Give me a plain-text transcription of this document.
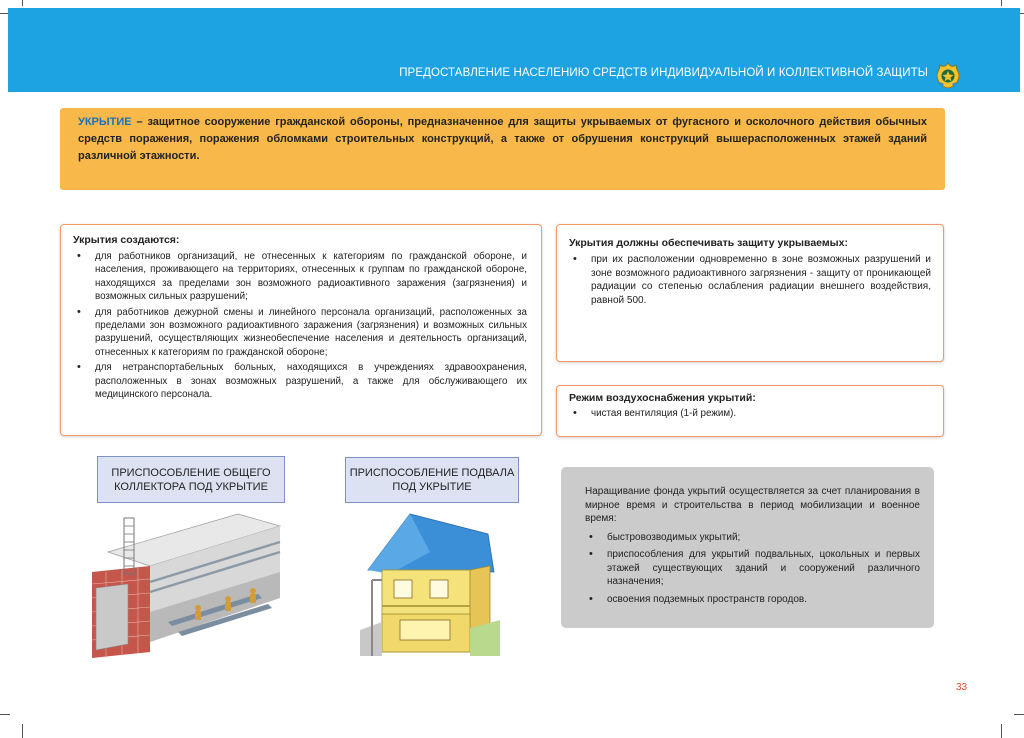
ПРЕДОСТАВЛЕНИЕ НАСЕЛЕНИЮ СРЕДСТВ ИНДИВИДУАЛЬНОЙ И КОЛЛЕКТИВНОЙ ЗАЩИТЫ
УКРЫТИЕ – защитное сооружение гражданской обороны, предназначенное для защиты укрываемых от фугасного и осколочного действия обычных средств поражения, поражения обломками строительных конструкций, а также от обрушения конструкций вышерасположенных этажей зданий различной этажности.
Укрытия создаются:
• для работников организаций, не отнесенных к категориям по гражданской обороне, и населения, проживающего на территориях, отнесенных к группам по гражданской обороне, находящихся за пределами зон возможного радиоактивного заражения (загрязнения) и возможных сильных разрушений;
• для работников дежурной смены и линейного персонала организаций, расположенных за пределами зон возможного радиоактивного заражения (загрязнения) и возможных сильных разрушений, осуществляющих жизнеобеспечение населения и деятельность организаций, отнесенных к категориям по гражданской обороне;
• для нетранспортабельных больных, находящихся в учреждениях здравоохранения, расположенных в зонах возможных разрушений, а также для обслуживающего их медицинского персонала.
Укрытия должны обеспечивать защиту укрываемых:
• при их расположении одновременно в зоне возможных разрушений и зоне возможного радиоактивного загрязнения - защиту от проникающей радиации со степенью ослабления радиации внешнего воздействия, равной 500.
Режим воздухоснабжения укрытий:
• чистая вентиляция (1-й режим).
ПРИСПОСОБЛЕНИЕ ОБЩЕГО КОЛЛЕКТОРА ПОД УКРЫТИЕ
ПРИСПОСОБЛЕНИЕ ПОДВАЛА ПОД УКРЫТИЕ	Наращивание фонда укрытий осуществляется за счет планирования в мирное время и строительства в период мобилизации и военное время:
• быстровозводимых укрытий;
• приспособления для укрытий подвальных, цокольных и первых этажей существующих зданий и сооружений различного назначения;
• освоения подземных пространств городов.
33
